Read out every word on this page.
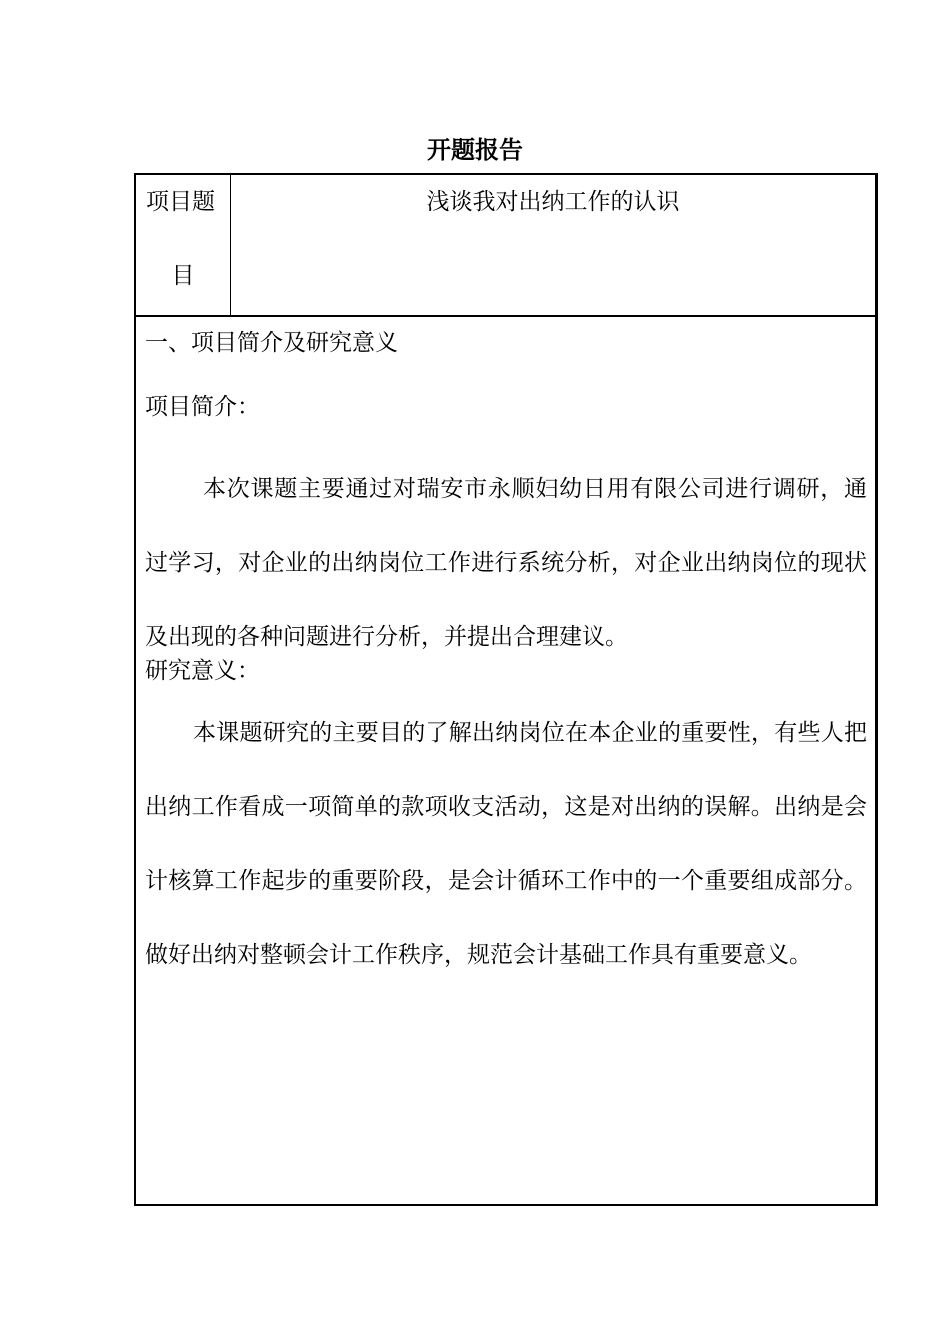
开题报告
项目题
目
浅谈我对出纳工作的认识

一、项目简介及研究意义

项目简介：

本次课题主要通过对瑞安市永顺妇幼日用有限公司进行调研，通过学习，对企业的出纳岗位工作进行系统分析，对企业出纳岗位的现状及出现的各种问题进行分析，并提出合理建议。

研究意义：

本课题研究的主要目的了解出纳岗位在本企业的重要性，有些人把出纳工作看成一项简单的款项收支活动，这是对出纳的误解。出纳是会计核算工作起步的重要阶段，是会计循环工作中的一个重要组成部分。做好出纳对整顿会计工作秩序，规范会计基础工作具有重要意义。
